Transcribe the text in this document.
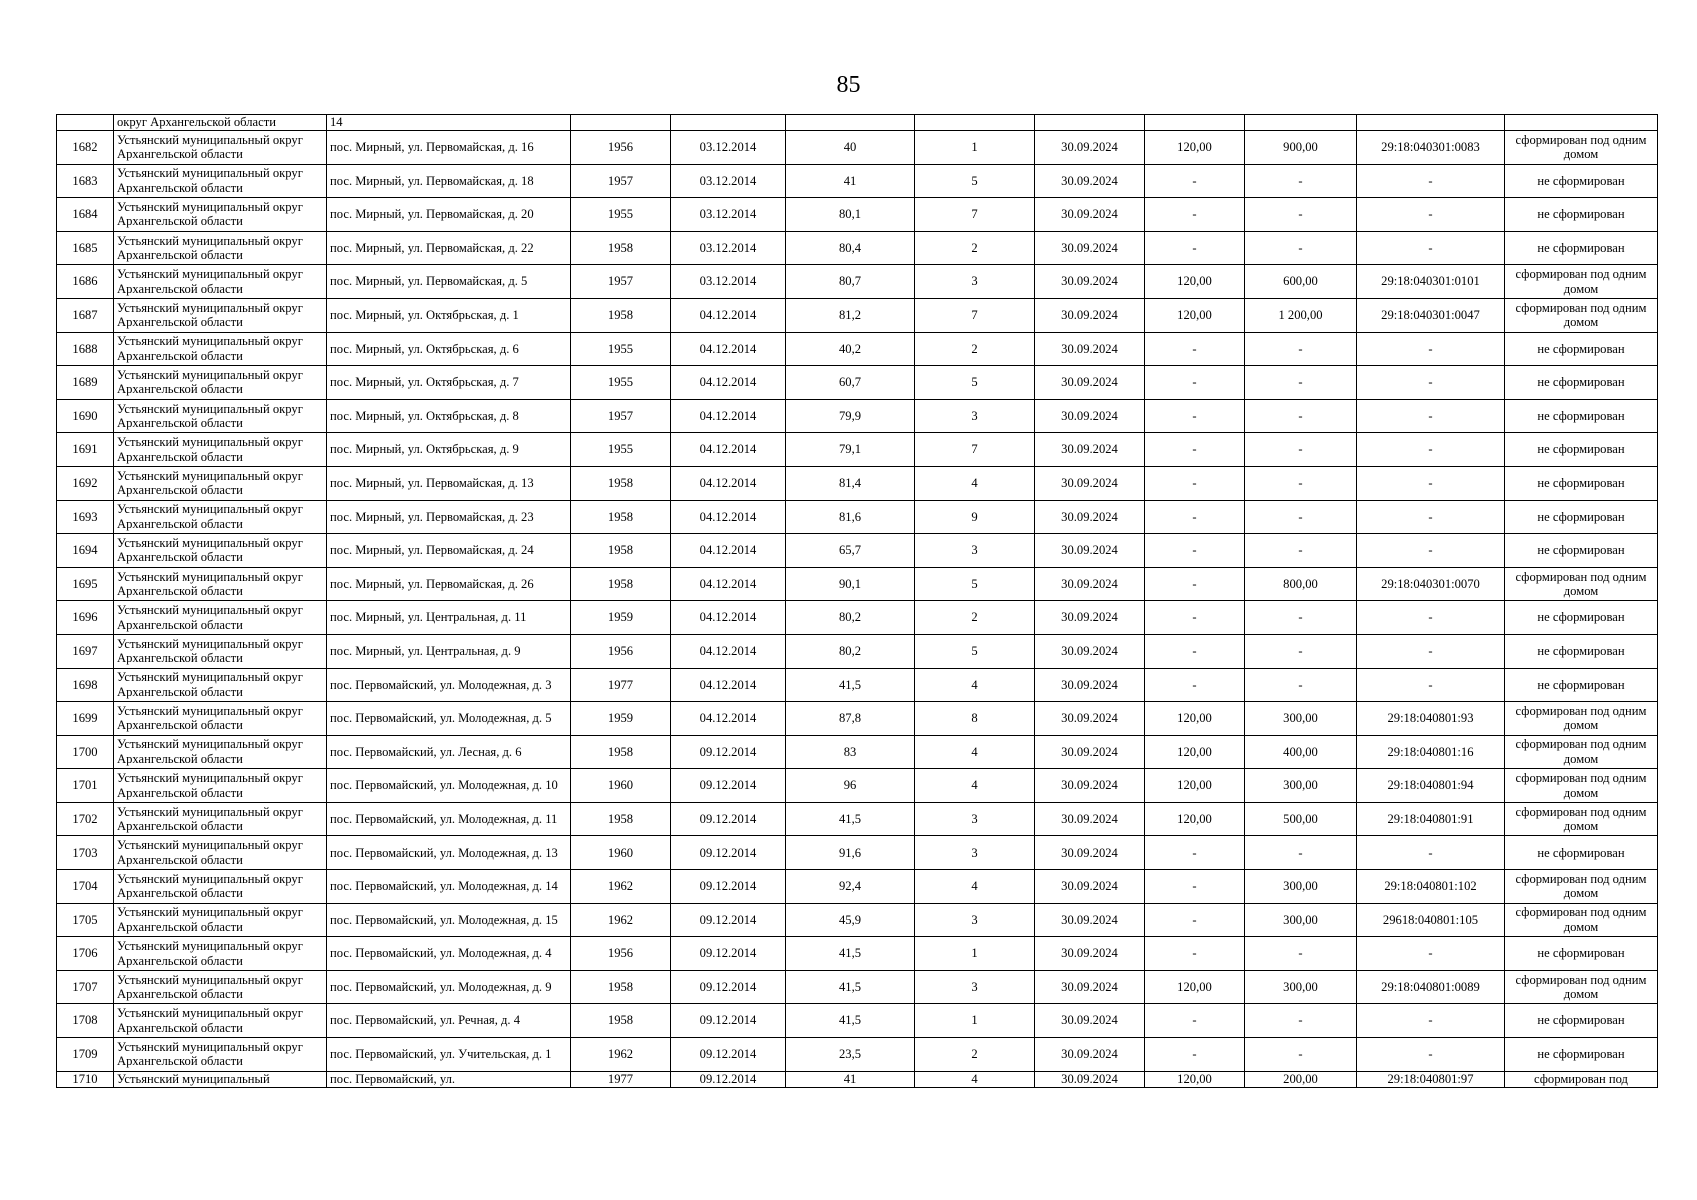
85
	округ Архангельской области	14									
1682	Устьянский муниципальный округ Архангельской области	пос. Мирный, ул. Первомайская, д. 16	1956	03.12.2014	40	1	30.09.2024	120,00	900,00	29:18:040301:0083	сформирован под одним домом
1683	Устьянский муниципальный округ Архангельской области	пос. Мирный, ул. Первомайская, д. 18	1957	03.12.2014	41	5	30.09.2024	-	-	-	не сформирован
1684	Устьянский муниципальный округ Архангельской области	пос. Мирный, ул. Первомайская, д. 20	1955	03.12.2014	80,1	7	30.09.2024	-	-	-	не сформирован
1685	Устьянский муниципальный округ Архангельской области	пос. Мирный, ул. Первомайская, д. 22	1958	03.12.2014	80,4	2	30.09.2024	-	-	-	не сформирован
1686	Устьянский муниципальный округ Архангельской области	пос. Мирный, ул. Первомайская, д. 5	1957	03.12.2014	80,7	3	30.09.2024	120,00	600,00	29:18:040301:0101	сформирован под одним домом
1687	Устьянский муниципальный округ Архангельской области	пос. Мирный, ул. Октябрьская, д. 1	1958	04.12.2014	81,2	7	30.09.2024	120,00	1 200,00	29:18:040301:0047	сформирован под одним домом
1688	Устьянский муниципальный округ Архангельской области	пос. Мирный, ул. Октябрьская, д. 6	1955	04.12.2014	40,2	2	30.09.2024	-	-	-	не сформирован
1689	Устьянский муниципальный округ Архангельской области	пос. Мирный, ул. Октябрьская, д. 7	1955	04.12.2014	60,7	5	30.09.2024	-	-	-	не сформирован
1690	Устьянский муниципальный округ Архангельской области	пос. Мирный, ул. Октябрьская, д. 8	1957	04.12.2014	79,9	3	30.09.2024	-	-	-	не сформирован
1691	Устьянский муниципальный округ Архангельской области	пос. Мирный, ул. Октябрьская, д. 9	1955	04.12.2014	79,1	7	30.09.2024	-	-	-	не сформирован
1692	Устьянский муниципальный округ Архангельской области	пос. Мирный, ул. Первомайская, д. 13	1958	04.12.2014	81,4	4	30.09.2024	-	-	-	не сформирован
1693	Устьянский муниципальный округ Архангельской области	пос. Мирный, ул. Первомайская, д. 23	1958	04.12.2014	81,6	9	30.09.2024	-	-	-	не сформирован
1694	Устьянский муниципальный округ Архангельской области	пос. Мирный, ул. Первомайская, д. 24	1958	04.12.2014	65,7	3	30.09.2024	-	-	-	не сформирован
1695	Устьянский муниципальный округ Архангельской области	пос. Мирный, ул. Первомайская, д. 26	1958	04.12.2014	90,1	5	30.09.2024	-	800,00	29:18:040301:0070	сформирован под одним домом
1696	Устьянский муниципальный округ Архангельской области	пос. Мирный, ул. Центральная, д. 11	1959	04.12.2014	80,2	2	30.09.2024	-	-	-	не сформирован
1697	Устьянский муниципальный округ Архангельской области	пос. Мирный, ул. Центральная, д. 9	1956	04.12.2014	80,2	5	30.09.2024	-	-	-	не сформирован
1698	Устьянский муниципальный округ Архангельской области	пос. Первомайский, ул. Молодежная, д. 3	1977	04.12.2014	41,5	4	30.09.2024	-	-	-	не сформирован
1699	Устьянский муниципальный округ Архангельской области	пос. Первомайский, ул. Молодежная, д. 5	1959	04.12.2014	87,8	8	30.09.2024	120,00	300,00	29:18:040801:93	сформирован под одним домом
1700	Устьянский муниципальный округ Архангельской области	пос. Первомайский, ул. Лесная, д. 6	1958	09.12.2014	83	4	30.09.2024	120,00	400,00	29:18:040801:16	сформирован под одним домом
1701	Устьянский муниципальный округ Архангельской области	пос. Первомайский, ул. Молодежная, д. 10	1960	09.12.2014	96	4	30.09.2024	120,00	300,00	29:18:040801:94	сформирован под одним домом
1702	Устьянский муниципальный округ Архангельской области	пос. Первомайский, ул. Молодежная, д. 11	1958	09.12.2014	41,5	3	30.09.2024	120,00	500,00	29:18:040801:91	сформирован под одним домом
1703	Устьянский муниципальный округ Архангельской области	пос. Первомайский, ул. Молодежная, д. 13	1960	09.12.2014	91,6	3	30.09.2024	-	-	-	не сформирован
1704	Устьянский муниципальный округ Архангельской области	пос. Первомайский, ул. Молодежная, д. 14	1962	09.12.2014	92,4	4	30.09.2024	-	300,00	29:18:040801:102	сформирован под одним домом
1705	Устьянский муниципальный округ Архангельской области	пос. Первомайский, ул. Молодежная, д. 15	1962	09.12.2014	45,9	3	30.09.2024	-	300,00	29618:040801:105	сформирован под одним домом
1706	Устьянский муниципальный округ Архангельской области	пос. Первомайский, ул. Молодежная, д. 4	1956	09.12.2014	41,5	1	30.09.2024	-	-	-	не сформирован
1707	Устьянский муниципальный округ Архангельской области	пос. Первомайский, ул. Молодежная, д. 9	1958	09.12.2014	41,5	3	30.09.2024	120,00	300,00	29:18:040801:0089	сформирован под одним домом
1708	Устьянский муниципальный округ Архангельской области	пос. Первомайский, ул. Речная, д. 4	1958	09.12.2014	41,5	1	30.09.2024	-	-	-	не сформирован
1709	Устьянский муниципальный округ Архангельской области	пос. Первомайский, ул. Учительская, д. 1	1962	09.12.2014	23,5	2	30.09.2024	-	-	-	не сформирован
1710	Устьянский муниципальный	пос. Первомайский, ул.	1977	09.12.2014	41	4	30.09.2024	120,00	200,00	29:18:040801:97	сформирован под
